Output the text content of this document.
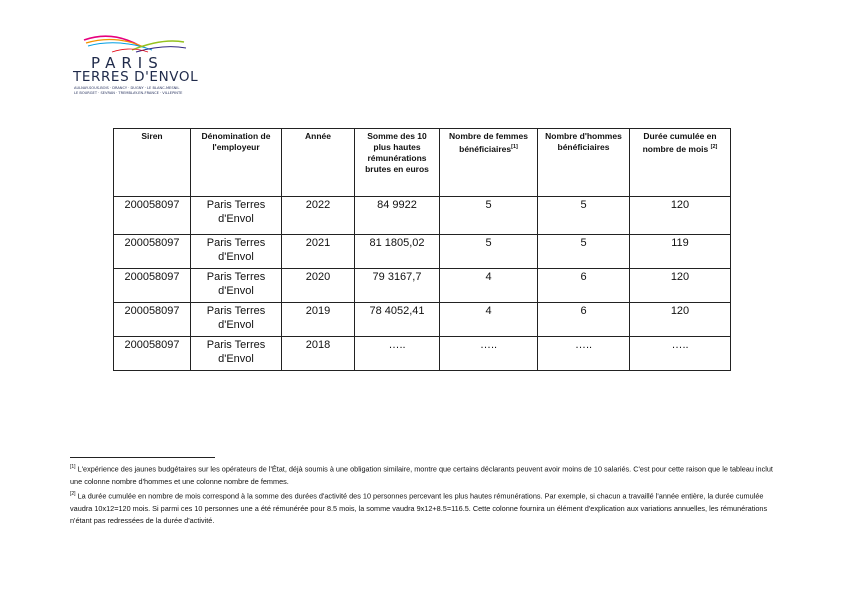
PARIS
TERRES D'ENVOL
AULNAY-SOUS-BOIS · DRANCY · DUGNY · LE BLANC-MESNIL
LE BOURGET · SEVRAN · TREMBLAY-EN-FRANCE · VILLEPINTE
Siren	Dénomination de l'employeur	Année	Somme des 10 plus hautes rémunérations brutes en euros	Nombre de femmes bénéficiaires[1]	Nombre d'hommes bénéficiaires	Durée cumulée en nombre de mois [2]
200058097	Paris Terres d'Envol	2022	84 9922	5	5	120
200058097	Paris Terres d'Envol	2021	81 1805,02	5	5	119
200058097	Paris Terres d'Envol	2020	79 3167,7	4	6	120
200058097	Paris Terres d'Envol	2019	78 4052,41	4	6	120
200058097	Paris Terres d'Envol	2018	…..	…..	…..	…..

[1] L'expérience des jaunes budgétaires sur les opérateurs de l'État, déjà soumis à une obligation similaire, montre que certains déclarants peuvent avoir moins de 10 salariés. C'est pour cette raison que le tableau inclut une colonne nombre d'hommes et une colonne nombre de femmes.

[2] La durée cumulée en nombre de mois correspond à la somme des durées d'activité des 10 personnes percevant les plus hautes rémunérations. Par exemple, si chacun a travaillé l'année entière, la durée cumulée vaudra 10x12=120 mois. Si parmi ces 10 personnes une a été rémunérée pour 8.5 mois, la somme vaudra 9x12+8.5=116.5. Cette colonne fournira un élément d'explication aux variations annuelles, les rémunérations n'étant pas redressées de la durée d'activité.
